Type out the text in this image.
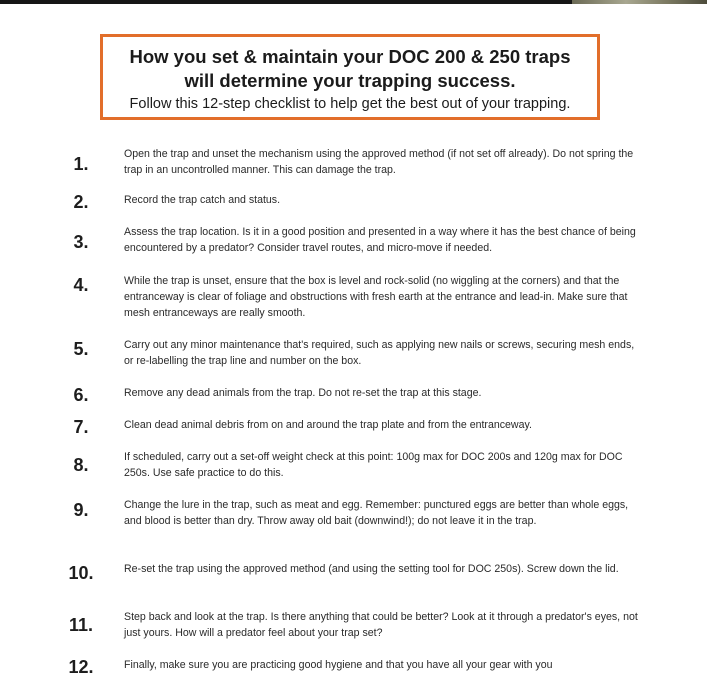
How you set & maintain your DOC 200 & 250 traps
will determine your trapping success.
Follow this 12-step checklist to help get the best out of your trapping.
1.	Open the trap and unset the mechanism using the approved method (if not set off already). Do not spring the trap in an uncontrolled manner. This can damage the trap.
2.	Record the trap catch and status.
3.	Assess the trap location. Is it in a good position and presented in a way where it has the best chance of being encountered by a predator? Consider travel routes, and micro-move if needed.
4.	While the trap is unset, ensure that the box is level and rock-solid (no wiggling at the corners) and that the entranceway is clear of foliage and obstructions with fresh earth at the entrance and lead-in. Make sure that mesh entranceways are really smooth.
5.	Carry out any minor maintenance that's required, such as applying new nails or screws, securing mesh ends, or re-labelling the trap line and number on the box.
6.	Remove any dead animals from the trap. Do not re-set the trap at this stage.
7.	Clean dead animal debris from on and around the trap plate and from the entranceway.
8.	If scheduled, carry out a set-off weight check at this point: 100g max for DOC 200s and 120g max for DOC 250s. Use safe practice to do this.
9.	Change the lure in the trap, such as meat and egg. Remember: punctured eggs are better than whole eggs, and blood is better than dry. Throw away old bait (downwind!); do not leave it in the trap.
10.	Re-set the trap using the approved method (and using the setting tool for DOC 250s). Screw down the lid.
11.	Step back and look at the trap. Is there anything that could be better? Look at it through a predator's eyes, not just yours. How will a predator feel about your trap set?
12.	Finally, make sure you are practicing good hygiene and that you have all your gear with you
